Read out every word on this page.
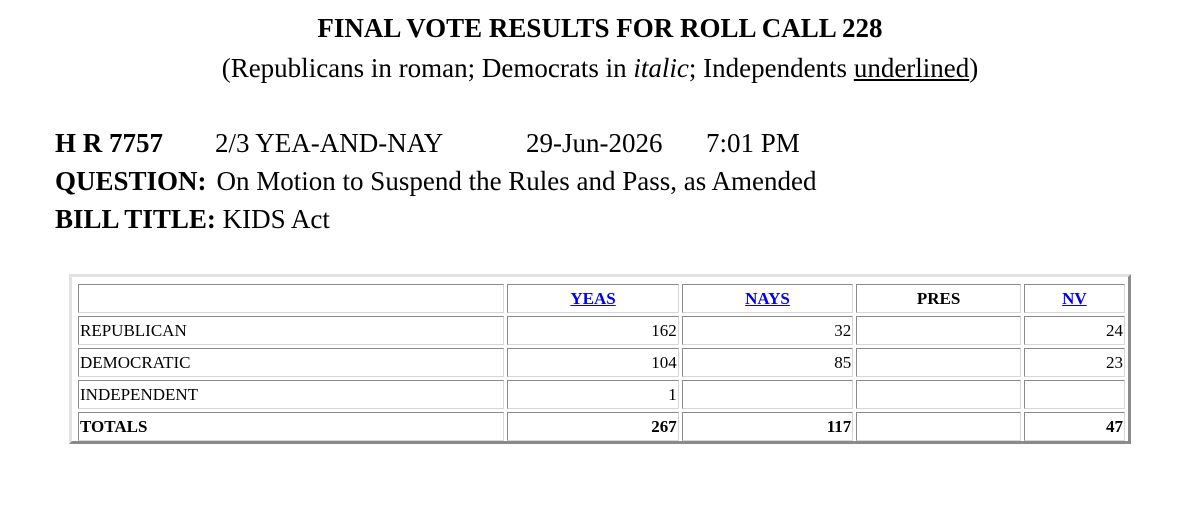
FINAL VOTE RESULTS FOR ROLL CALL 228
(Republicans in roman; Democrats in italic; Independents underlined)
H R 7757 2/3 YEA-AND-NAY	29-Jun-2026 7:01 PM
QUESTION: On Motion to Suspend the Rules and Pass, as Amended
BILL TITLE: KIDS Act
	YEAS	NAYS	PRES	NV
REPUBLICAN	162	32		24
DEMOCRATIC	104	85		23
INDEPENDENT	1			
TOTALS	267	117		47
